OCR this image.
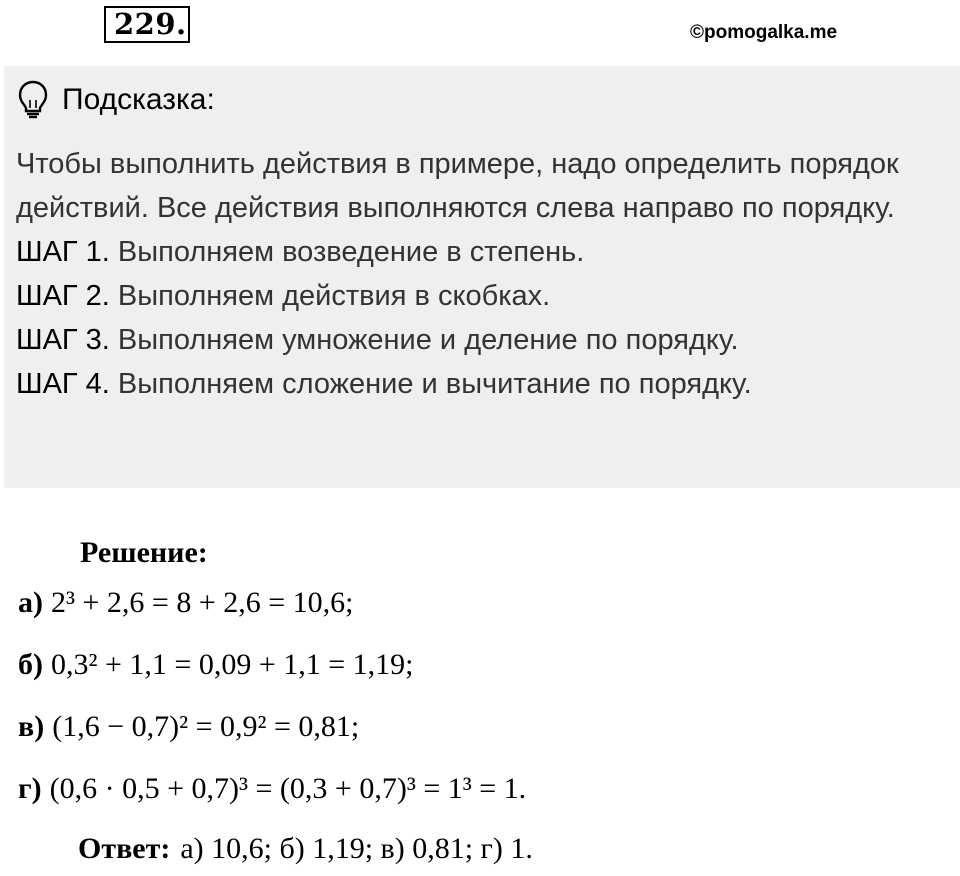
229.	©pomogalka.me
Подсказка:

Чтобы выполнить действия в примере, надо определить порядок действий. Все действия выполняются слева направо по порядку.

ШАГ 1. Выполняем возведение в степень.

ШАГ 2. Выполняем действия в скобках.

ШАГ 3. Выполняем умножение и деление по порядку.

ШАГ 4. Выполняем сложение и вычитание по порядку.

Решение:
а) 2³ + 2,6 = 8 + 2,6 = 10,6;
б) 0,3² + 1,1 = 0,09 + 1,1 = 1,19;
в) (1,6 − 0,7)² = 0,9² = 0,81;
г) (0,6 · 0,5 + 0,7)³ = (0,3 + 0,7)³ = 1³ = 1.
Ответ: а) 10,6; б) 1,19; в) 0,81; г) 1.
